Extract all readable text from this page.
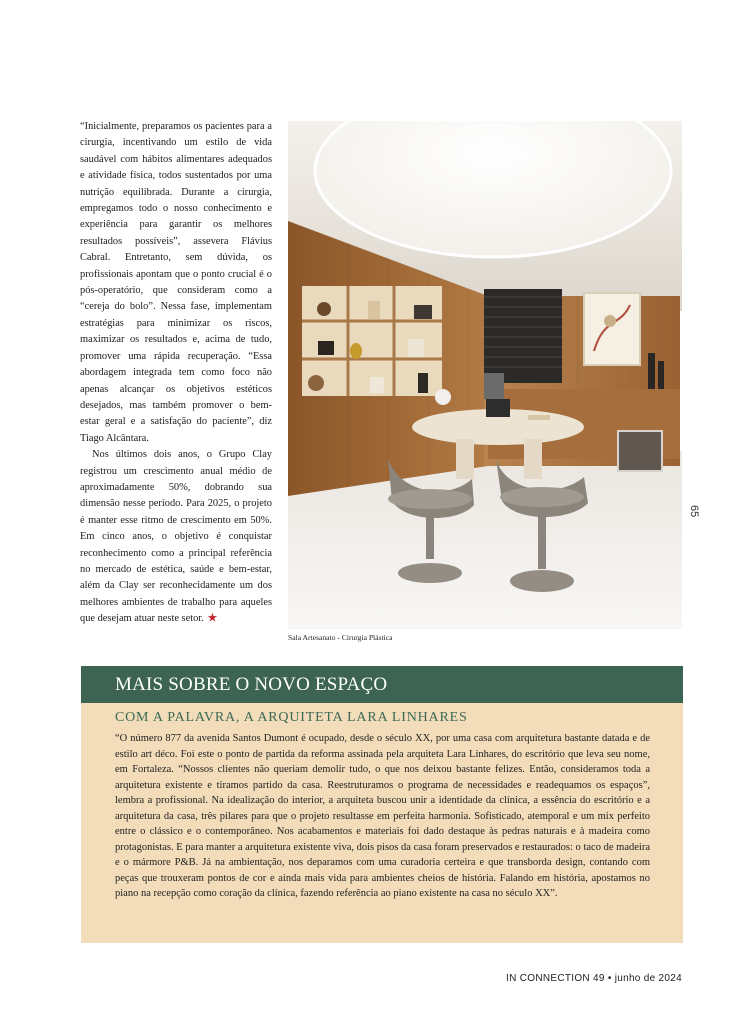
“Inicialmente, preparamos os pacientes para a cirurgia, incentivando um estilo de vida saudável com hábitos alimentares adequados e atividade física, todos sustentados por uma nutrição equilibrada. Durante a cirurgia, empregamos todo o nosso conhecimento e experiência para garantir os melhores resultados possíveis”, assevera Flávius Cabral. Entretanto, sem dúvida, os profissionais apontam que o ponto crucial é o pós-operatório, que consideram como a “cereja do bolo”. Nessa fase, implementam estratégias para minimizar os riscos, maximizar os resultados e, acima de tudo, promover uma rápida recuperação. “Essa abordagem integrada tem como foco não apenas alcançar os objetivos estéticos desejados, mas também promover o bem-estar geral e a satisfação do paciente”, diz Tiago Alcântara.

Nos últimos dois anos, o Grupo Clay registrou um crescimento anual médio de aproximadamente 50%, dobrando sua dimensão nesse período. Para 2025, o projeto é manter esse ritmo de crescimento em 50%. Em cinco anos, o objetivo é conquistar reconhecimento como a principal referência no mercado de estética, saúde e bem-estar, além da Clay ser reconhecidamente um dos melhores ambientes de trabalho para aqueles que desejam atuar neste setor. ★

Sala Artesanato - Cirurgia Plástica
65
MAIS SOBRE O NOVO ESPAÇO
COM A PALAVRA, A ARQUITETA LARA LINHARES

“O número 877 da avenida Santos Dumont é ocupado, desde o século XX, por uma casa com arquitetura bastante datada e de estilo art déco. Foi este o ponto de partida da reforma assinada pela arquiteta Lara Linhares, do escritório que leva seu nome, em Fortaleza. “Nossos clientes não queriam demolir tudo, o que nos deixou bastante felizes. Então, consideramos toda a arquitetura existente e tiramos partido da casa. Reestruturamos o programa de necessidades e readequamos os espaços”, lembra a profissional. Na idealização do interior, a arquiteta buscou unir a identidade da clínica, a essência do escritório e a arquitetura da casa, três pilares para que o projeto resultasse em perfeita harmonia. Sofisticado, atemporal e um mix perfeito entre o clássico e o contemporâneo. Nos acabamentos e materiais foi dado destaque às pedras naturais e à madeira como protagonistas. E para manter a arquitetura existente viva, dois pisos da casa foram preservados e restaurados: o taco de madeira e o mármore P&B. Já na ambientação, nos deparamos com uma curadoria certeira e que transborda design, contando com peças que trouxeram pontos de cor e ainda mais vida para ambientes cheios de história. Falando em história, apostamos no piano na recepção como coração da clínica, fazendo referência ao piano existente na casa no século XX”.

IN CONNECTION 49 • junho de 2024
